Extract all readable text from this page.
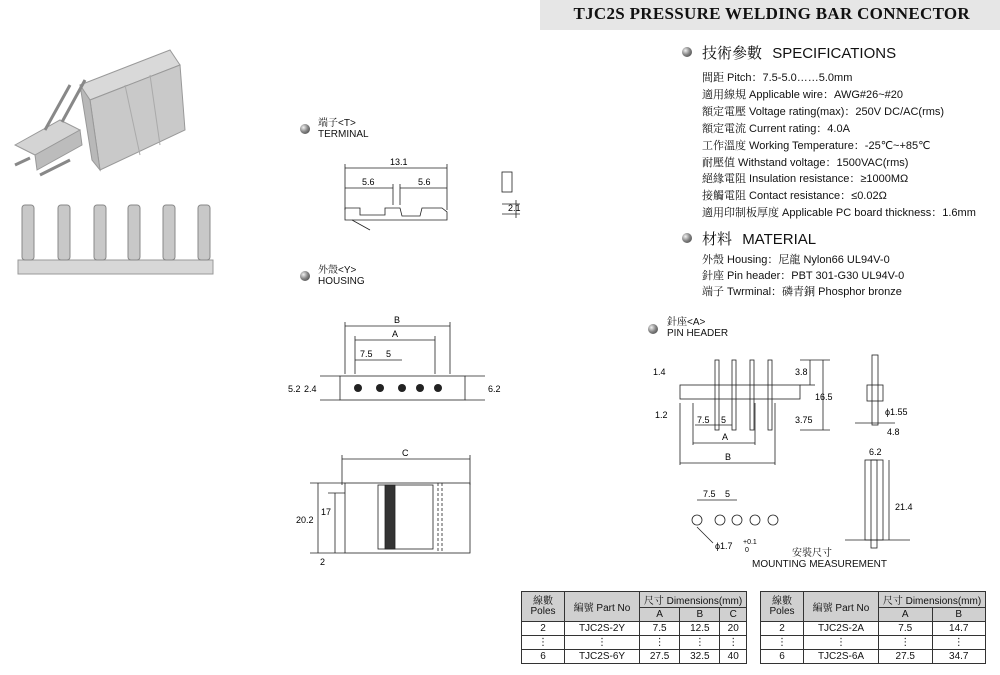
TJC2S PRESSURE WELDING BAR CONNECTOR
技術參數 SPECIFICATIONS
間距 Pitch：7.5-5.0……5.0mm
適用線規 Applicable wire：AWG#26~#20
額定電壓 Voltage rating(max)：250V DC/AC(rms)
額定電流 Current rating：4.0A
工作溫度 Working Temperature：-25℃~+85℃
耐壓值 Withstand voltage：1500VAC(rms)
絕緣電阻 Insulation resistance：≥1000MΩ
接觸電阻 Contact resistance：≤0.02Ω
適用印制板厚度 Applicable PC board thickness：1.6mm
材料 MATERIAL
外殼 Housing：尼龍 Nylon66 UL94V-0
針座 Pin header：PBT 301-G30 UL94V-0
端子 Twrminal：磷青銅 Phosphor bronze
端子<T>
TERMINAL
13.1
5.6	5.6
2.1
外殼<Y>
HOUSING
B
A
7.5 5
5.2 2.4	6.2
C
20.2
17
2
針座<A>
PIN HEADER
1.4	3.8
16.5
1.2	7.5 5	3.75
A
B
ϕ1.55
4.8
6.2
21.4
7.5 5
ϕ1.7 +0.1
0	安裝尺寸
MOUNTING MEASUREMENT
線數
Poles	編號 Part No	尺寸 Dimensions(mm)		
		A	B	C
2	TJC2S-2Y	7.5	12.5	20
⋮	⋮	⋮	⋮	⋮
6	TJC2S-6Y	27.5	32.5	40
線數
Poles	編號 Part No	尺寸 Dimensions(mm)	
		A	B
2	TJC2S-2A	7.5	14.7
⋮	⋮	⋮	⋮
6	TJC2S-6A	27.5	34.7
